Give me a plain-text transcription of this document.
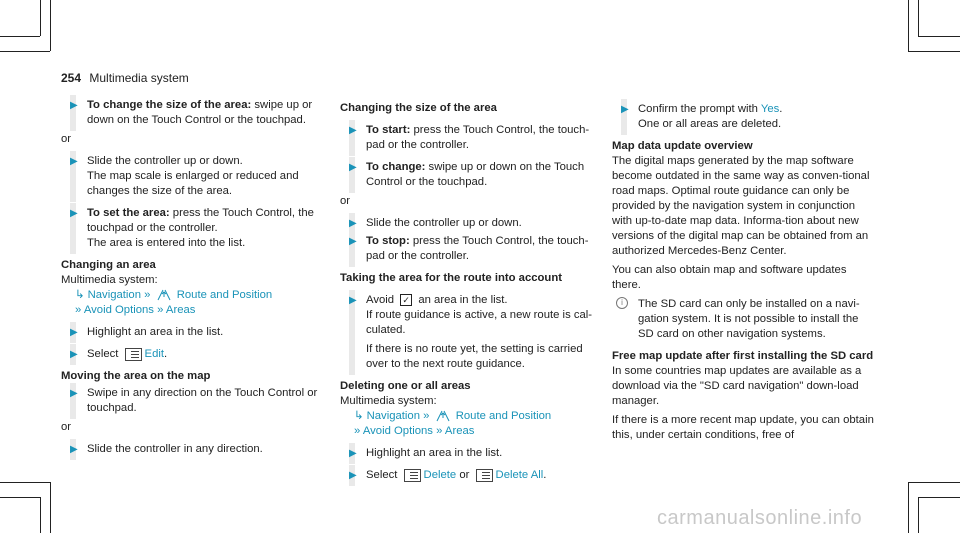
254 Multimedia system
▶ To change the size of the area: swipe up or down on the Touch Control or the touchpad.

or

▶ Slide the controller up or down.
The map scale is enlarged or reduced and changes the size of the area.
▶ To set the area: press the Touch Control, the touchpad or the controller.
The area is entered into the list.

Changing an area

Multimedia system:

↳ Navigation » Route and Position
» Avoid Options » Areas

▶ Highlight an area in the list.
▶ Select
Edit.

Moving the area on the map

▶ Swipe in any direction on the Touch Control or touchpad.

or

▶ Slide the controller in any direction.

Changing the size of the area

▶ To start: press the Touch Control, the touch-pad or the controller.
▶ To change: swipe up or down on the Touch Control or the touchpad.

or

▶ Slide the controller up or down.
▶ To stop: press the Touch Control, the touch-pad or the controller.

Taking the area for the route into account

▶ Avoid ✓ an area in the list.
If route guidance is active, a new route is cal-culated.
If there is no route yet, the setting is carried over to the next route guidance.

Deleting one or all areas

Multimedia system:

↳ Navigation » Route and Position
» Avoid Options » Areas

▶ Highlight an area in the list.
▶ Select
Delete or
Delete All.
▶ Confirm the prompt with Yes.
One or all areas are deleted.

Map data update overview

The digital maps generated by the map software become outdated in the same way as conven-tional road maps. Optimal route guidance can only be provided by the navigation system in conjunction with up-to-date map data. Informa-tion about new versions of the digital map can be obtained from an authorized Mercedes-Benz Center.

You can also obtain map and software updates there.

i	The SD card can only be installed on a navi-gation system. It is not possible to install the SD card on other navigation systems.

Free map update after first installing the SD card

In some countries map updates are available as a download via the "SD card navigation" down-load manager.

If there is a more recent map update, you can obtain this, under certain conditions, free of

carmanualsonline.info
